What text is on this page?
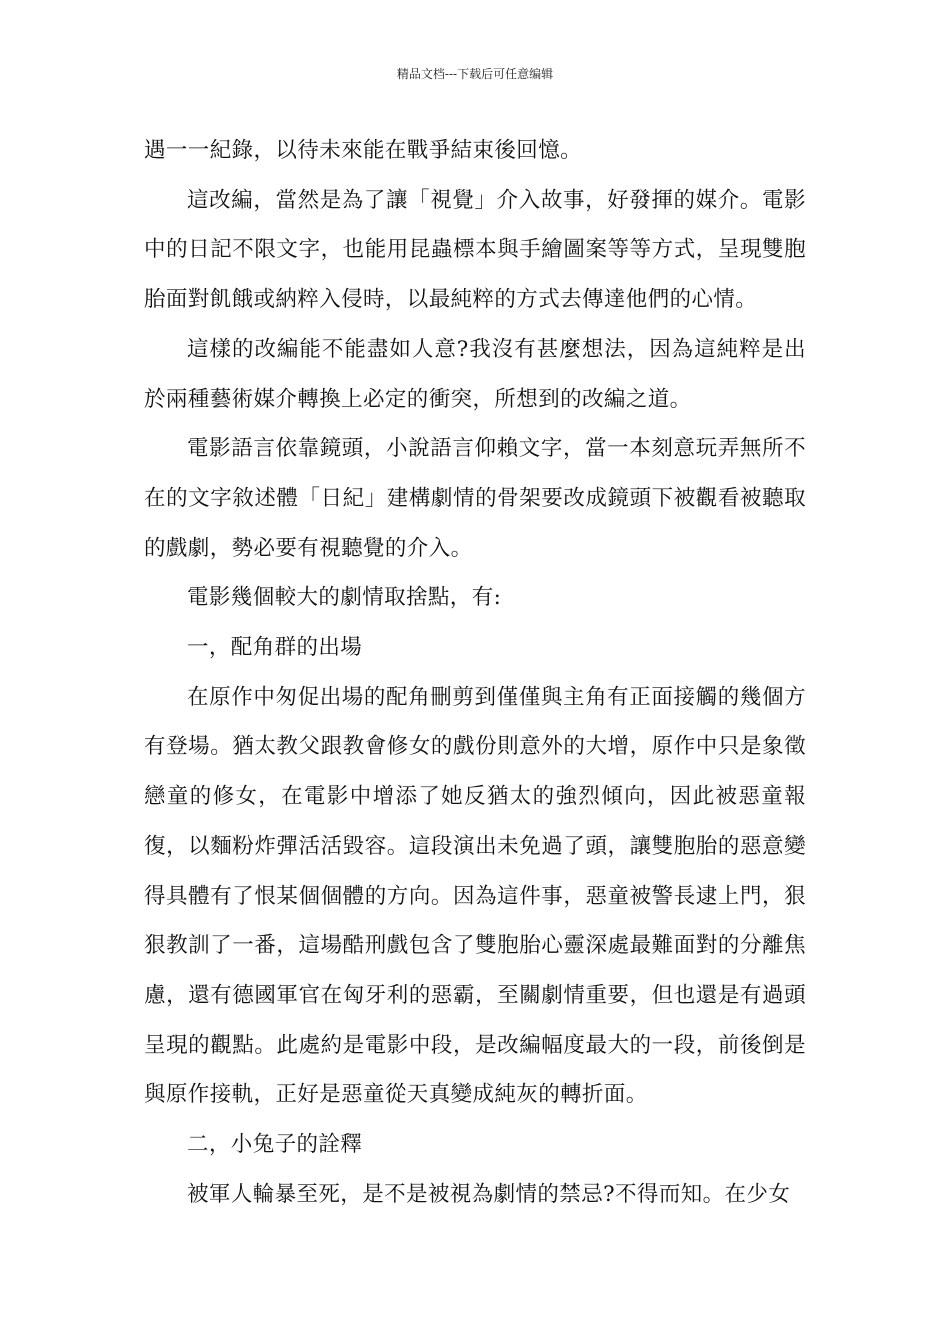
精品文档---下载后可任意编辑

遇一一紀錄，以待未來能在戰爭結束後回憶。

這改編，當然是為了讓「視覺」介入故事，好發揮的媒介。電影中的日記不限文字，也能用昆蟲標本與手繪圖案等等方式，呈現雙胞胎面對飢餓或納粹入侵時，以最純粹的方式去傳達他們的心情。

這樣的改編能不能盡如人意?我沒有甚麼想法，因為這純粹是出於兩種藝術媒介轉換上必定的衝突，所想到的改編之道。

電影語言依靠鏡頭，小說語言仰賴文字，當一本刻意玩弄無所不在的文字敘述體「日紀」建構劇情的骨架要改成鏡頭下被觀看被聽取的戲劇，勢必要有視聽覺的介入。

電影幾個較大的劇情取捨點，有:

一，配角群的出場

在原作中匆促出場的配角刪剪到僅僅與主角有正面接觸的幾個方有登場。猶太教父跟教會修女的戲份則意外的大增，原作中只是象徵戀童的修女，在電影中增添了她反猶太的強烈傾向，因此被惡童報復，以麵粉炸彈活活毀容。這段演出未免過了頭，讓雙胞胎的惡意變得具體有了恨某個個體的方向。因為這件事，惡童被警長逮上門，狠狠教訓了一番，這場酷刑戲包含了雙胞胎心靈深處最難面對的分離焦慮，還有德國軍官在匈牙利的惡霸，至關劇情重要，但也還是有過頭呈現的觀點。此處約是電影中段，是改編幅度最大的一段，前後倒是與原作接軌，正好是惡童從天真變成純灰的轉折面。

二，小兔子的詮釋

被軍人輪暴至死，是不是被視為劇情的禁忌?不得而知。在少女
